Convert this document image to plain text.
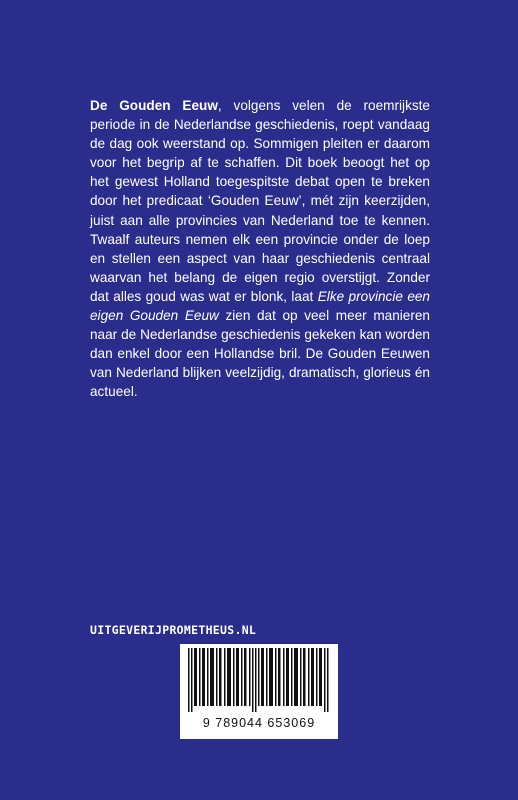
De Gouden Eeuw, volgens velen de roemrijkste periode in de Nederlandse geschiedenis, roept vandaag de dag ook weerstand op. Sommigen pleiten er daarom voor het begrip af te schaffen. Dit boek beoogt het op het gewest Holland toegespitste debat open te breken door het predicaat ‘Gouden Eeuw’, mét zijn keerzijden, juist aan alle provincies van Nederland toe te kennen. Twaalf auteurs nemen elk een provincie onder de loep en stellen een aspect van haar geschiedenis centraal waarvan het belang de eigen regio overstijgt. Zonder dat alles goud was wat er blonk, laat Elke provincie een eigen Gouden Eeuw zien dat op veel meer manieren naar de Nederlandse geschiedenis gekeken kan worden dan enkel door een Hollandse bril. De Gouden Eeuwen van Nederland blijken veelzijdig, dramatisch, glorieus én actueel.

UITGEVERIJPROMETHEUS.NL
9 789044 653069
